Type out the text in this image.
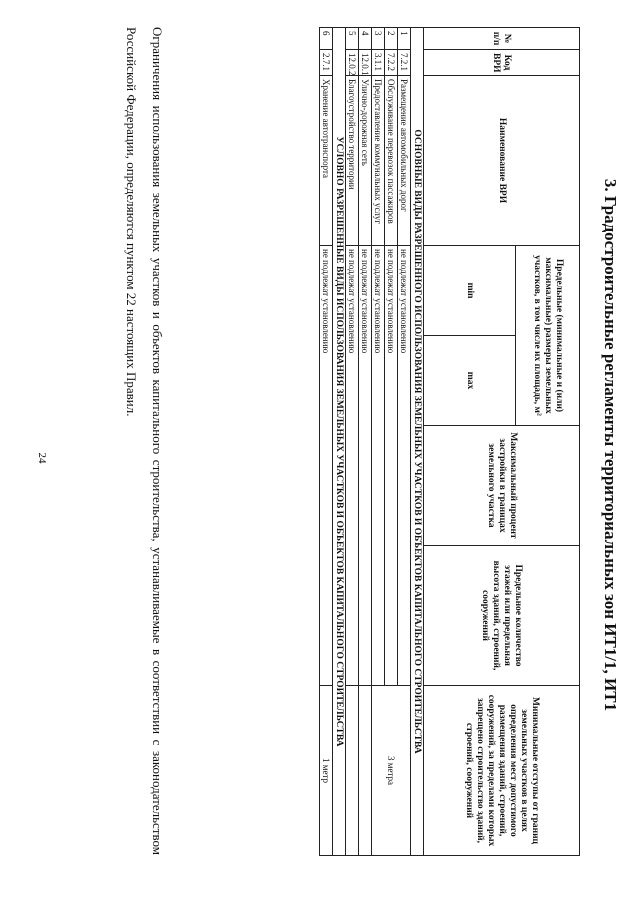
24	3. Градостроительные регламенты территориальных зон ИТ1/1, ИТ1
№ п/п	Код ВРИ	Наименование ВРИ	Предельные (минимальные и (или) максимальные) размеры земельных участков, в том числе их площадь, м²		Максимальный процент застройки в границах земельного участка	Предельное количество этажей или предельная высота зданий, строений, сооружений	Минимальные отступы от границ земельных участков в целях определения мест допустимого размещения зданий, строений, сооружений, за пределами которых запрещено строительство зданий, строений, сооружений
			min	max			
ОСНОВНЫЕ ВИДЫ РАЗРЕШЕННОГО ИСПОЛЬЗОВАНИЯ ЗЕМЕЛЬНЫХ УЧАСТКОВ И ОБЪЕКТОВ КАПИТАЛЬНОГО СТРОИТЕЛЬСТВА							
1	7.2.1	Размещение автомобильных дорог	не подлежат установлению				3 метра
2	7.2.2	Обслуживание перевозок пассажиров	не подлежат установлению				
3	3.1.1	Предоставление коммунальных услуг	не подлежат установлению				
4	12.0.1	Улично-дорожная сеть	не подлежат установлению				
5	12.0.2	Благоустройство территории	не подлежат установлению				
УСЛОВНО РАЗРЕШЕННЫЕ ВИДЫ ИСПОЛЬЗОВАНИЯ ЗЕМЕЛЬНЫХ УЧАСТКОВ И ОБЪЕКТОВ КАПИТАЛЬНОГО СТРОИТЕЛЬСТВА							
6	2.7.1	Хранение автотранспорта	не подлежат установлению				1 метр
Ограничения использования земельных участков и объектов капитального строительства, устанавливаемые в соответствии с законодательством Российской Федерации, определяются пунктом 22 настоящих Правил.
